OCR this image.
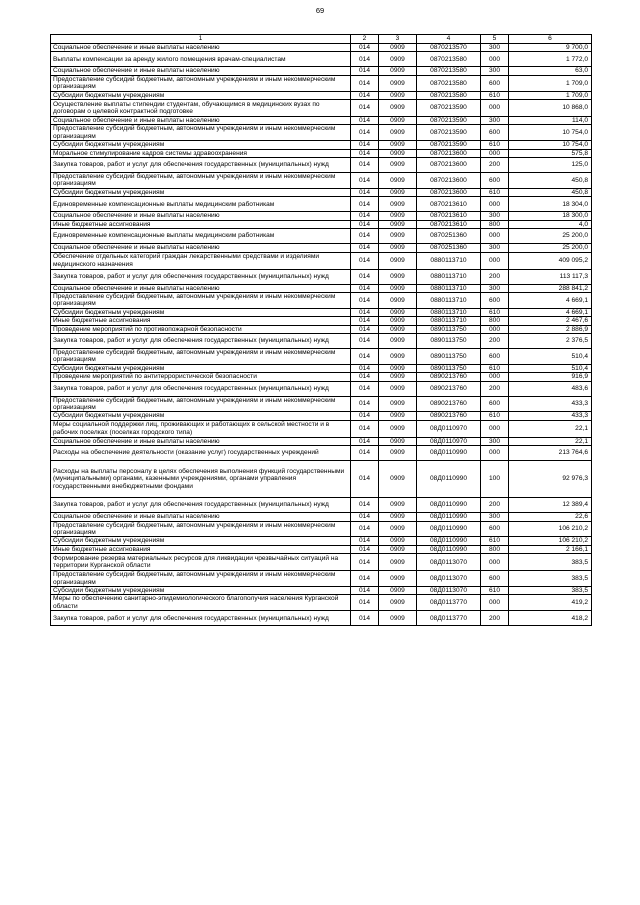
69
1	2	3	4	5	6
Социальное обеспечение и иные выплаты населению	014	0909	0870213570	300	9 700,0
Выплаты компенсации за аренду жилого помещения врачам-специалистам	014	0909	0870213580	000	1 772,0
Социальное обеспечение и иные выплаты населению	014	0909	0870213580	300	63,0
Предоставление субсидий бюджетным, автономным учреждениям и иным некоммерческим организациям	014	0909	0870213580	600	1 709,0
Субсидии бюджетным учреждениям	014	0909	0870213580	610	1 709,0
Осуществление выплаты стипендии студентам, обучающимся в медицинских вузах по договорам о целевой контрактной подготовке	014	0909	0870213590	000	10 868,0
Социальное обеспечение и иные выплаты населению	014	0909	0870213590	300	114,0
Предоставление субсидий бюджетным, автономным учреждениям и иным некоммерческим организациям	014	0909	0870213590	600	10 754,0
Субсидии бюджетным учреждениям	014	0909	0870213590	610	10 754,0
Моральное стимулирование кадров системы здравоохранения	014	0909	0870213600	000	575,8
Закупка товаров, работ и услуг для обеспечения государственных (муниципальных) нужд	014	0909	0870213600	200	125,0
Предоставление субсидий бюджетным, автономным учреждениям и иным некоммерческим организациям	014	0909	0870213600	600	450,8
Субсидии бюджетным учреждениям	014	0909	0870213600	610	450,8
Единовременные компенсационные выплаты медицинским работникам	014	0909	0870213610	000	18 304,0
Социальное обеспечение и иные выплаты населению	014	0909	0870213610	300	18 300,0
Иные бюджетные ассигнования	014	0909	0870213610	800	4,0
Единовременные компенсационные выплаты медицинским работникам	014	0909	0870251360	000	25 200,0
Социальное обеспечение и иные выплаты населению	014	0909	0870251360	300	25 200,0
Обеспечение отдельных категорий граждан лекарственными средствами и изделиями медицинского назначения	014	0909	0880113710	000	409 095,2
Закупка товаров, работ и услуг для обеспечения государственных (муниципальных) нужд	014	0909	0880113710	200	113 117,3
Социальное обеспечение и иные выплаты населению	014	0909	0880113710	300	288 841,2
Предоставление субсидий бюджетным, автономным учреждениям и иным некоммерческим организациям	014	0909	0880113710	600	4 669,1
Субсидии бюджетным учреждениям	014	0909	0880113710	610	4 669,1
Иные бюджетные ассигнования	014	0909	0880113710	800	2 467,6
Проведение мероприятий по противопожарной безопасности	014	0909	0890113750	000	2 886,9
Закупка товаров, работ и услуг для обеспечения государственных (муниципальных) нужд	014	0909	0890113750	200	2 376,5
Предоставление субсидий бюджетным, автономным учреждениям и иным некоммерческим организациям	014	0909	0890113750	600	510,4
Субсидии бюджетным учреждениям	014	0909	0890113750	610	510,4
Проведение мероприятий по антитеррористической безопасности	014	0909	0890213760	000	916,9
Закупка товаров, работ и услуг для обеспечения государственных (муниципальных) нужд	014	0909	0890213760	200	483,6
Предоставление субсидий бюджетным, автономным учреждениям и иным некоммерческим организациям	014	0909	0890213760	600	433,3
Субсидии бюджетным учреждениям	014	0909	0890213760	610	433,3
Меры социальной поддержки лиц, проживающих и работающих в сельской местности и в рабочих поселках (поселках городского типа)	014	0909	08Д0110970	000	22,1
Социальное обеспечение и иные выплаты населению	014	0909	08Д0110970	300	22,1
Расходы на обеспечение деятельности (оказание услуг) государственных учреждений	014	0909	08Д0110990	000	213 764,6
Расходы на выплаты персоналу в целях обеспечения выполнения функций государственными (муниципальными) органами, казенными учреждениями, органами управления государственными внебюджетными фондами	014	0909	08Д0110990	100	92 976,3
Закупка товаров, работ и услуг для обеспечения государственных (муниципальных) нужд	014	0909	08Д0110990	200	12 389,4
Социальное обеспечение и иные выплаты населению	014	0909	08Д0110990	300	22,6
Предоставление субсидий бюджетным, автономным учреждениям и иным некоммерческим организациям	014	0909	08Д0110990	600	106 210,2
Субсидии бюджетным учреждениям	014	0909	08Д0110990	610	106 210,2
Иные бюджетные ассигнования	014	0909	08Д0110990	800	2 166,1
Формирование резерва материальных ресурсов для ликвидации чрезвычайных ситуаций на территории Курганской области	014	0909	08Д0113070	000	383,5
Предоставление субсидий бюджетным, автономным учреждениям и иным некоммерческим организациям	014	0909	08Д0113070	600	383,5
Субсидии бюджетным учреждениям	014	0909	08Д0113070	610	383,5
Меры по обеспечению санитарно-эпидемиологического благополучия населения Курганской области	014	0909	08Д0113770	000	419,2
Закупка товаров, работ и услуг для обеспечения государственных (муниципальных) нужд	014	0909	08Д0113770	200	418,2
